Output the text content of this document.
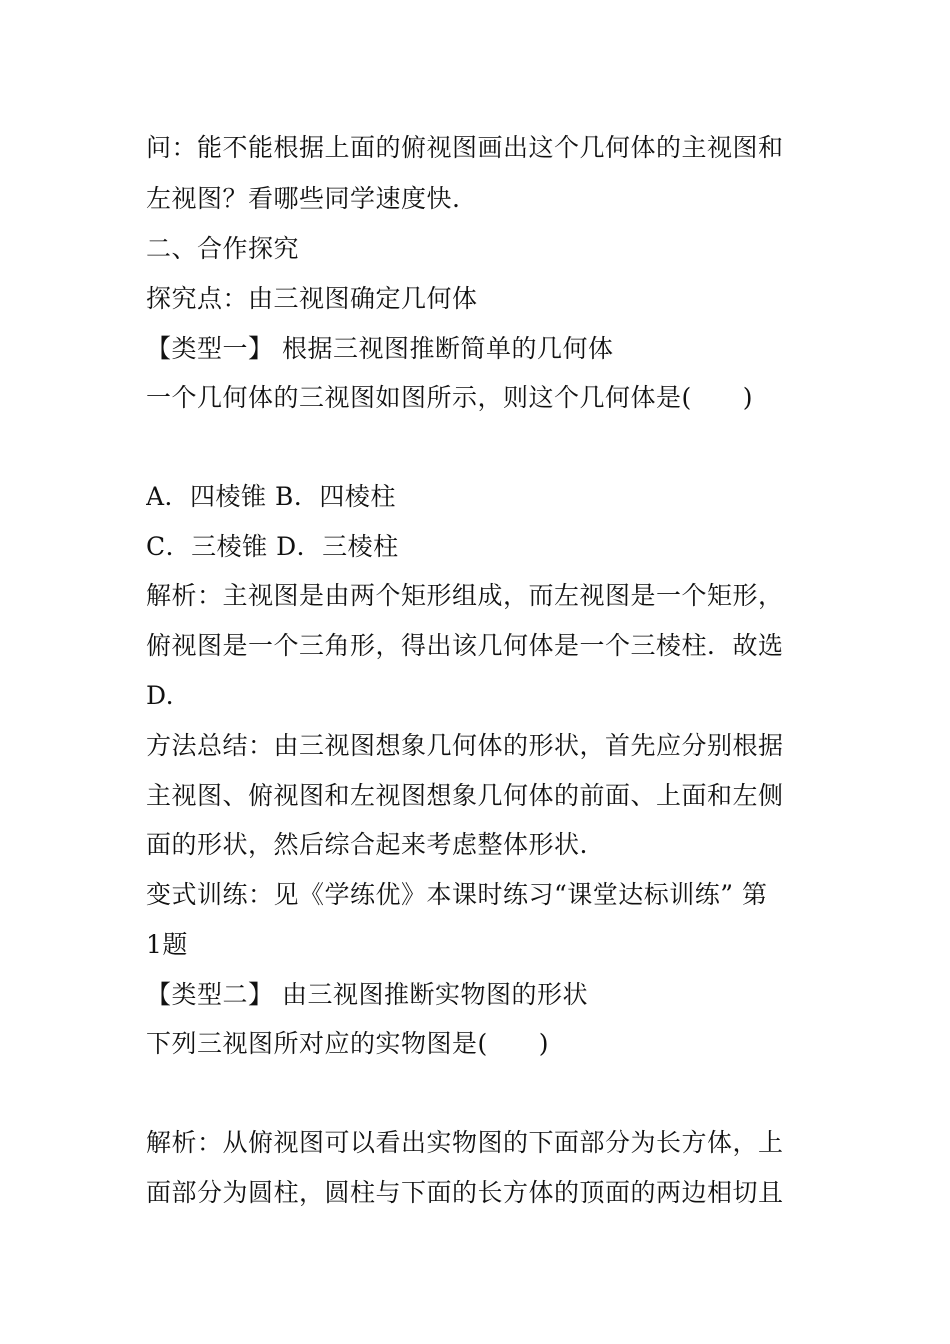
问：能不能根据上面的俯视图画出这个几何体的主视图和
左视图？看哪些同学速度快.
二、合作探究
探究点：由三视图确定几何体
【类型一】 根据三视图推断简单的几何体
一个几何体的三视图如图所示，则这个几何体是(　　)
A．四棱锥 B．四棱柱
C．三棱锥 D．三棱柱
解析：主视图是由两个矩形组成，而左视图是一个矩形，
俯视图是一个三角形，得出该几何体是一个三棱柱．故选
D.
方法总结：由三视图想象几何体的形状，首先应分别根据
主视图、俯视图和左视图想象几何体的前面、上面和左侧
面的形状，然后综合起来考虑整体形状.
变式训练：见《学练优》本课时练习“课堂达标训练” 第
1题
【类型二】 由三视图推断实物图的形状
下列三视图所对应的实物图是(　　)
解析：从俯视图可以看出实物图的下面部分为长方体，上
面部分为圆柱，圆柱与下面的长方体的顶面的两边相切且
